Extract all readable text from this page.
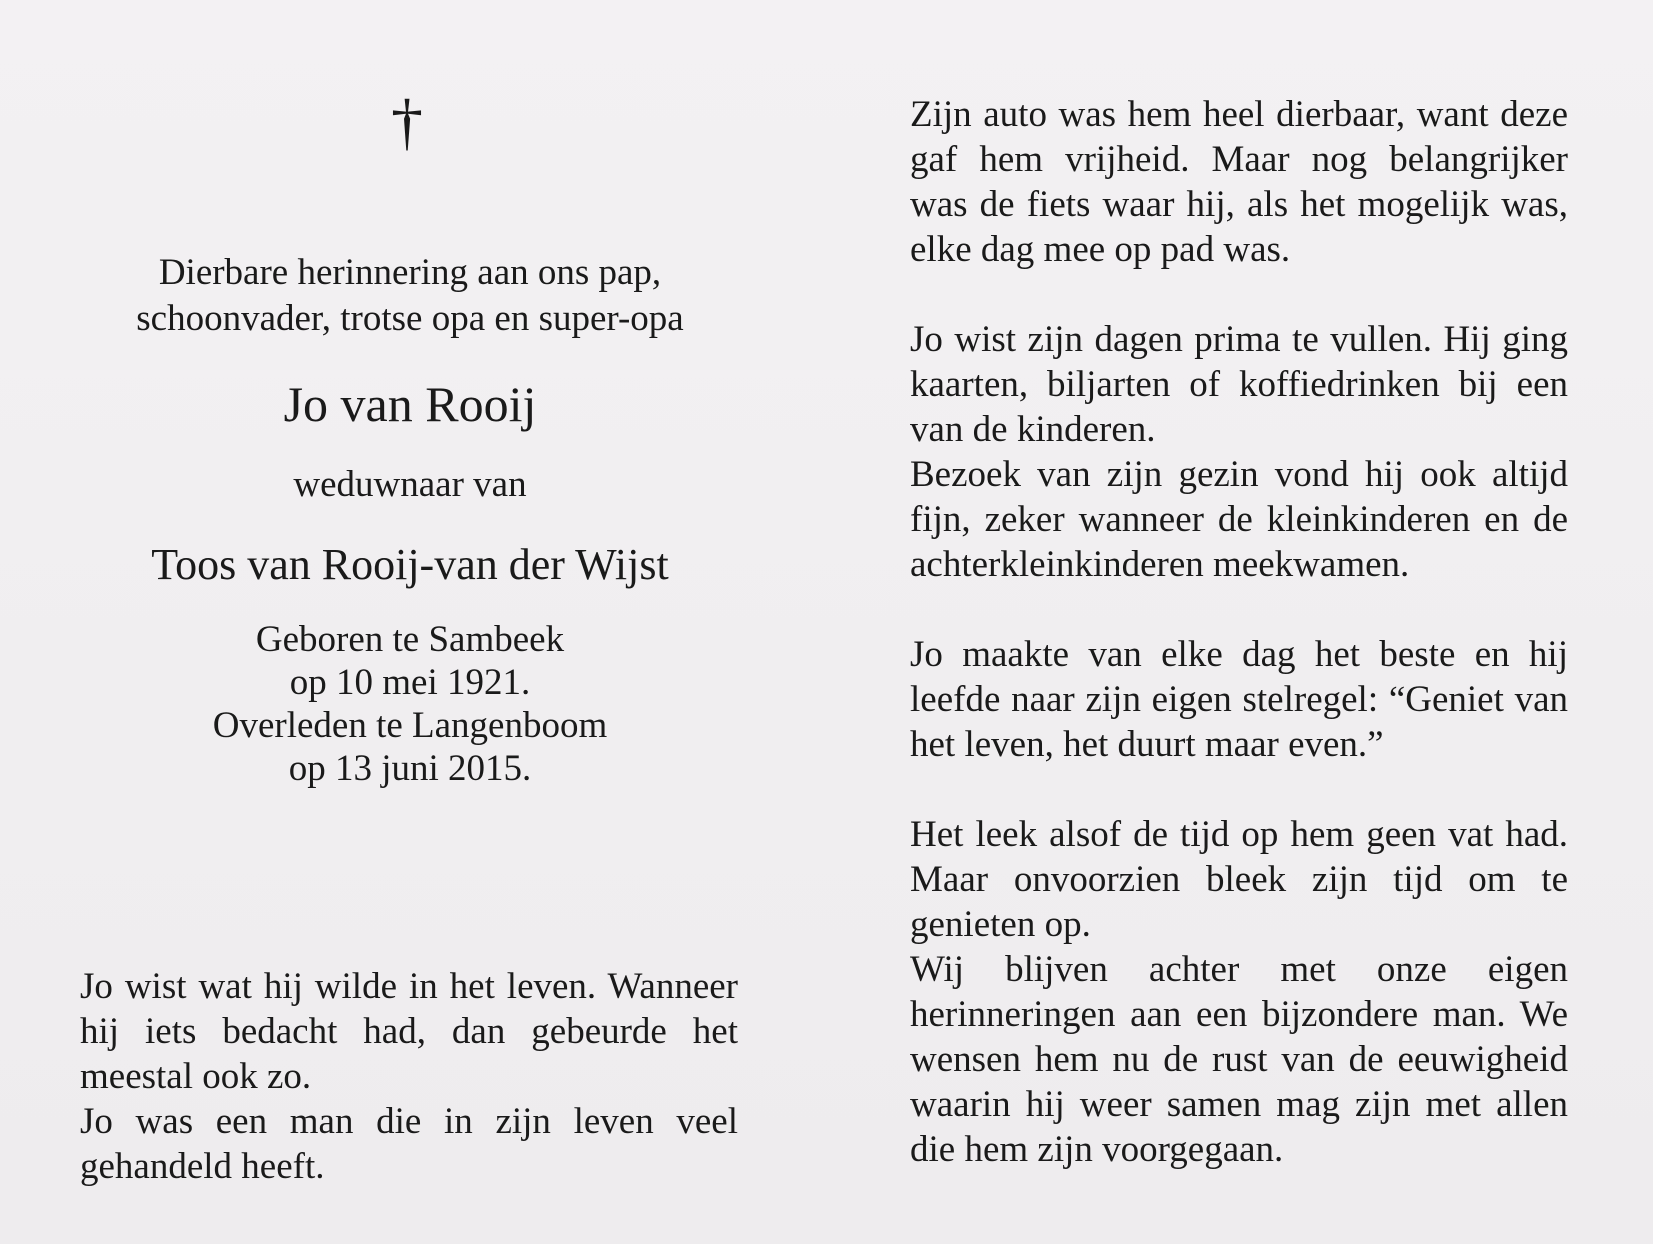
†
Dierbare herinnering aan ons pap,
schoonvader, trotse opa en super-opa
Jo van Rooij
weduwnaar van
Toos van Rooij-van der Wijst
Geboren te Sambeek
op 10 mei 1921.
Overleden te Langenboom
op 13 juni 2015.

Jo wist wat hij wilde in het leven. Wanneer hij iets bedacht had, dan gebeurde het meestal ook zo.

Jo was een man die in zijn leven veel gehandeld heeft.

Zijn auto was hem heel dierbaar, want deze gaf hem vrijheid. Maar nog belangrijker was de fiets waar hij, als het mogelijk was, elke dag mee op pad was.

Jo wist zijn dagen prima te vullen. Hij ging kaarten, biljarten of koffiedrinken bij een van de kinderen.

Bezoek van zijn gezin vond hij ook altijd fijn, zeker wanneer de kleinkinderen en de achterkleinkinderen meekwamen.

Jo maakte van elke dag het beste en hij leefde naar zijn eigen stelregel: “Geniet van het leven, het duurt maar even.”

Het leek alsof de tijd op hem geen vat had. Maar onvoorzien bleek zijn tijd om te genieten op.

Wij blijven achter met onze eigen herinneringen aan een bijzondere man. We wensen hem nu de rust van de eeuwigheid waarin hij weer samen mag zijn met allen die hem zijn voorgegaan.
